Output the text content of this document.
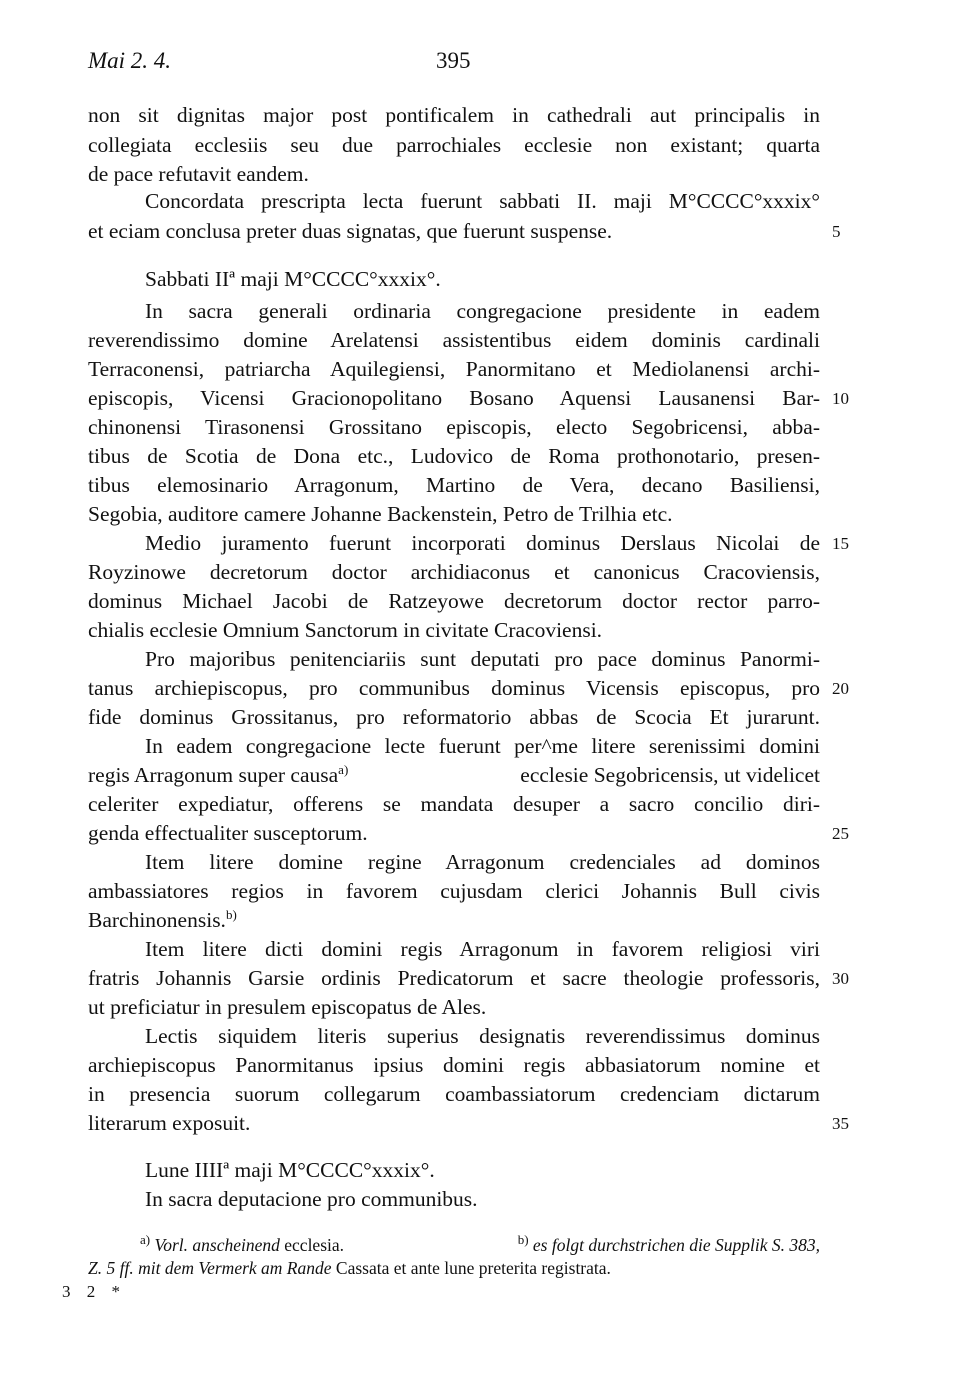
Mai 2. 4.	395
non sit dignitas major post pontificalem in cathedrali aut principalis in
collegiata ecclesiis seu due parrochiales ecclesie non existant; quarta
de pace refutavit eandem.
Concordata prescripta lecta fuerunt sabbati II. maji M°CCCC°xxxix°
et eciam conclusa preter duas signatas, que fuerunt suspense.	5
Sabbati IIª maji M°CCCC°xxxix°.
In sacra generali ordinaria congregacione presidente in eadem
reverendissimo domine Arelatensi assistentibus eidem dominis cardinali
Terraconensi, patriarcha Aquilegiensi, Panormitano et Mediolanensi archi-
episcopis, Vicensi Gracionopolitano Bosano Aquensi Lausanensi Bar- 10
chinonensi Tirasonensi Grossitano episcopis, electo Segobricensi, abba-
tibus de Scotia de Dona etc., Ludovico de Roma prothonotario, presen-
tibus elemosinario Arragonum, Martino de Vera, decano Basiliensi,
Segobia, auditore camere Johanne Backenstein, Petro de Trilhia etc.
Medio juramento fuerunt incorporati dominus Derslaus Nicolai de 15
Royzinowe decretorum doctor archidiaconus et canonicus Cracoviensis,
dominus Michael Jacobi de Ratzeyowe decretorum doctor rector parro-
chialis ecclesie Omnium Sanctorum in civitate Cracoviensi.
Pro majoribus penitenciariis sunt deputati pro pace dominus Panormi-
tanus archiepiscopus, pro communibus dominus Vicensis episcopus, pro 20
fide dominus Grossitanus, pro reformatorio abbas de Scocia Et jurarunt.
In eadem congregacione lecte fuerunt per^me litere serenissimi domini
regis Arragonum super causa$^{a)}$	ecclesie Segobricensis, ut videlicet
celeriter expediatur, offerens se mandata desuper a sacro concilio diri-
genda effectualiter susceptorum.	25
Item litere domine regine Arragonum credenciales ad dominos
ambassiatores regios in favorem cujusdam clerici Johannis Bull civis
Barchinonensis.$^{b)}$
Item litere dicti domini regis Arragonum in favorem religiosi viri
fratris Johannis Garsie ordinis Predicatorum et sacre theologie professoris, 30
ut preficiatur in presulem episcopatus de Ales.
Lectis siquidem literis superius designatis reverendissimus dominus
archiepiscopus Panormitanus ipsius domini regis abbasiatorum nomine et
in presencia suorum collegarum coambassiatorum credenciam dictarum
literarum exposuit.	35
Lune IIIIª maji M°CCCC°xxxix°.
In sacra deputacione pro communibus.
$^{a)}$ Vorl. anscheinend ecclesia.	$^{b)}$ es folgt durchstrichen die Supplik S. 383,
Z. 5 ff. mit dem Vermerk am Rande Cassata et ante lune preterita registrata.
3 2 *
